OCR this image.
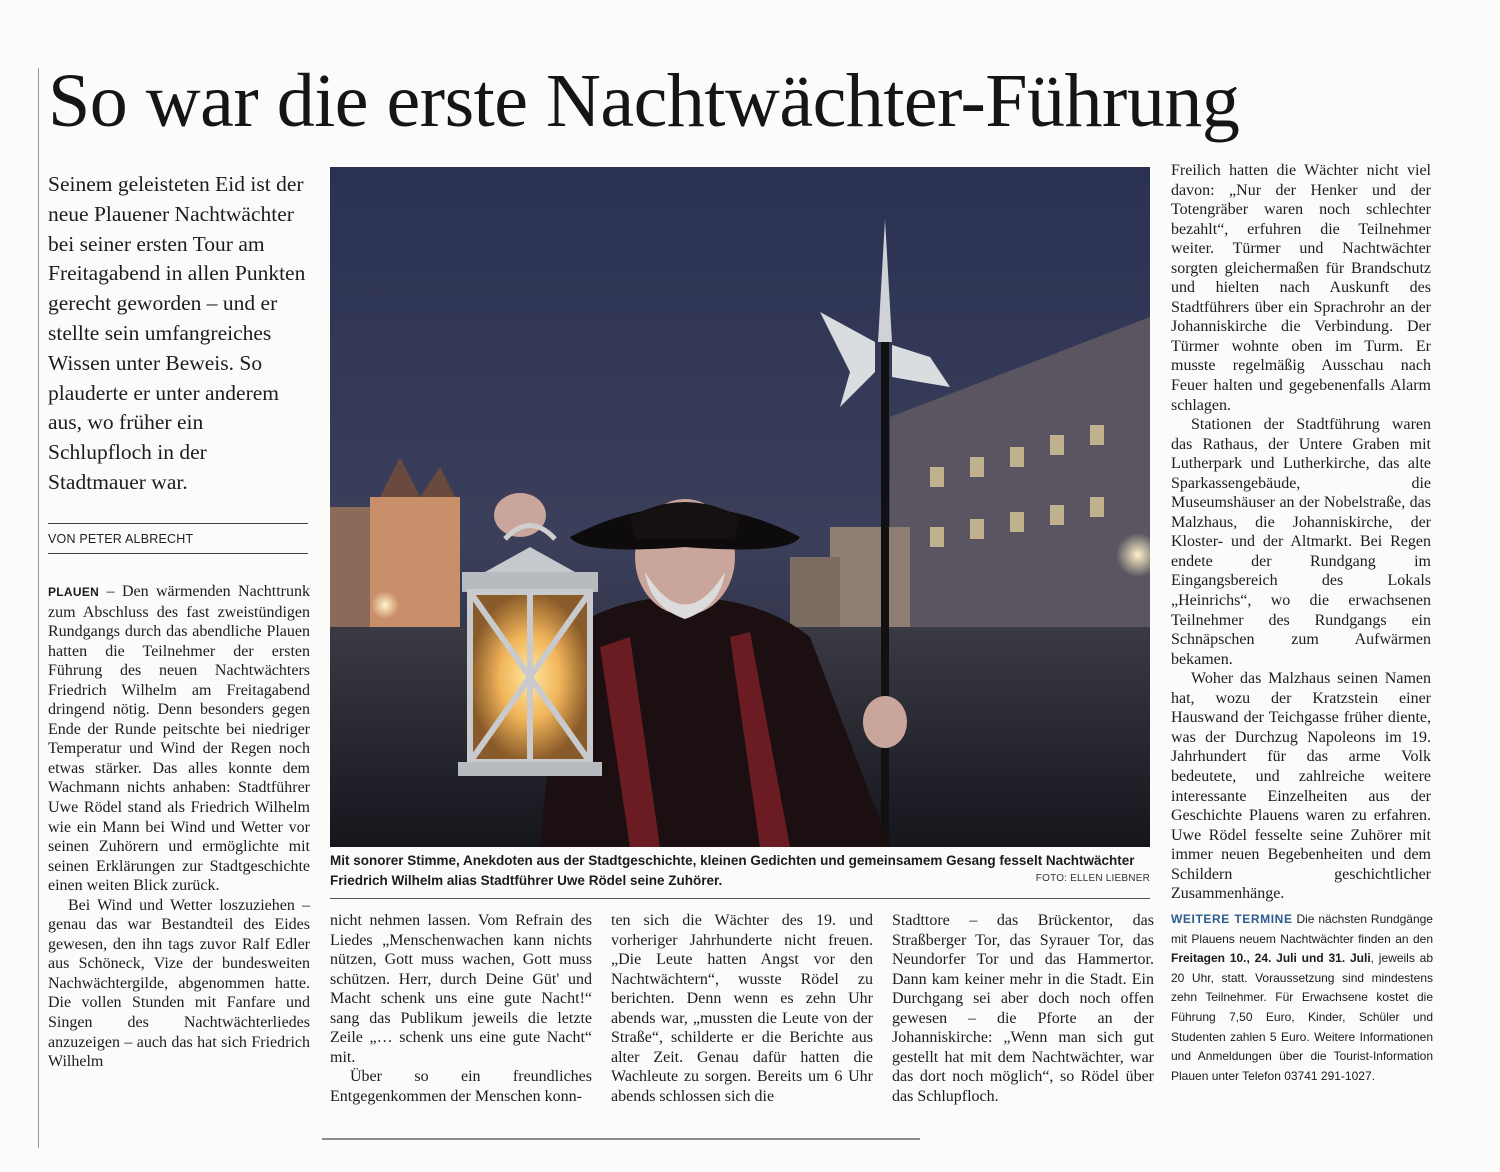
So war die erste Nachtwächter-Führung
Seinem geleisteten Eid ist der neue Plauener Nachtwächter bei seiner ersten Tour am Freitagabend in allen Punkten gerecht geworden – und er stellte sein umfangreiches Wissen unter Beweis. So plauderte er unter anderem aus, wo früher ein Schlupfloch in der Stadtmauer war.
VON PETER ALBRECHT

PLAUEN – Den wärmenden Nachttrunk zum Abschluss des fast zweistündigen Rundgangs durch das abendliche Plauen hatten die Teilnehmer der ersten Führung des neuen Nachtwächters Friedrich Wilhelm am Freitagabend dringend nötig. Denn besonders gegen Ende der Runde peitschte bei niedriger Temperatur und Wind der Regen noch etwas stärker. Das alles konnte dem Wachmann nichts anhaben: Stadtführer Uwe Rödel stand als Friedrich Wilhelm wie ein Mann bei Wind und Wetter vor seinen Zuhörern und ermöglichte mit seinen Erklärungen zur Stadtgeschichte einen weiten Blick zurück.

Bei Wind und Wetter loszuziehen – genau das war Bestandteil des Eides gewesen, den ihn tags zuvor Ralf Edler aus Schöneck, Vize der bundesweiten Nachwächtergilde, abgenommen hatte. Die vollen Stunden mit Fanfare und Singen des Nachtwächterliedes anzuzeigen – auch das hat sich Friedrich Wilhelm

Mit sonorer Stimme, Anekdoten aus der Stadtgeschichte, kleinen Gedichten und gemeinsamem Gesang fesselt Nachtwächter Friedrich Wilhelm alias Stadtführer Uwe Rödel seine Zuhörer.	FOTO: ELLEN LIEBNER

nicht nehmen lassen. Vom Refrain des Liedes „Menschenwachen kann nichts nützen, Gott muss wachen, Gott muss schützen. Herr, durch Deine Güt' und Macht schenk uns eine gute Nacht!“ sang das Publikum jeweils die letzte Zeile „… schenk uns eine gute Nacht“ mit.

Über so ein freundliches Entgegenkommen der Menschen konn-

ten sich die Wächter des 19. und vorheriger Jahrhunderte nicht freuen. „Die Leute hatten Angst vor den Nachtwächtern“, wusste Rödel zu berichten. Denn wenn es zehn Uhr abends war, „mussten die Leute von der Straße“, schilderte er die Berichte aus alter Zeit. Genau dafür hatten die Wachleute zu sorgen. Bereits um 6 Uhr abends schlossen sich die

Stadttore – das Brückentor, das Straßberger Tor, das Syrauer Tor, das Neundorfer Tor und das Hammertor. Dann kam keiner mehr in die Stadt. Ein Durchgang sei aber doch noch offen gewesen – die Pforte an der Johanniskirche: „Wenn man sich gut gestellt hat mit dem Nachtwächter, war das dort noch möglich“, so Rödel über das Schlupfloch.

Freilich hatten die Wächter nicht viel davon: „Nur der Henker und der Totengräber waren noch schlechter bezahlt“, erfuhren die Teilnehmer weiter. Türmer und Nachtwächter sorgten gleichermaßen für Brandschutz und hielten nach Auskunft des Stadtführers über ein Sprachrohr an der Johanniskirche die Verbindung. Der Türmer wohnte oben im Turm. Er musste regelmäßig Ausschau nach Feuer halten und gegebenenfalls Alarm schlagen.

Stationen der Stadtführung waren das Rathaus, der Untere Graben mit Lutherpark und Lutherkirche, das alte Sparkassengebäude, die Museumshäuser an der Nobelstraße, das Malzhaus, die Johanniskirche, der Kloster- und der Altmarkt. Bei Regen endete der Rundgang im Eingangsbereich des Lokals „Heinrichs“, wo die erwachsenen Teilnehmer des Rundgangs ein Schnäpschen zum Aufwärmen bekamen.

Woher das Malzhaus seinen Namen hat, wozu der Kratzstein einer Hauswand der Teichgasse früher diente, was der Durchzug Napoleons im 19. Jahrhundert für das arme Volk bedeutete, und zahlreiche weitere interessante Einzelheiten aus der Geschichte Plauens waren zu erfahren. Uwe Rödel fesselte seine Zuhörer mit immer neuen Begebenheiten und dem Schildern geschichtlicher Zusammenhänge.

WEITERE TERMINE Die nächsten Rundgänge mit Plauens neuem Nachtwächter finden an den Freitagen 10., 24. Juli und 31. Juli, jeweils ab 20 Uhr, statt. Voraussetzung sind mindestens zehn Teilnehmer. Für Erwachsene kostet die Führung 7,50 Euro, Kinder, Schüler und Studenten zahlen 5 Euro. Weitere Informationen und Anmeldungen über die Tourist-Information Plauen unter Telefon 03741 291-1027.
